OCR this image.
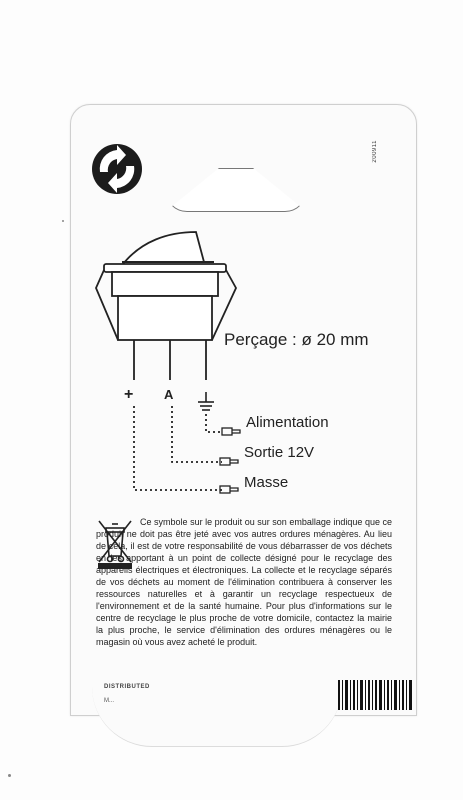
200911
Perçage : ø 20 mm
+ A
Alimentation
Sortie 12V
Masse

Ce symbole sur le produit ou sur son emballage indique que ce produit ne doit pas être jeté avec vos autres ordures ménagères. Au lieu de cela, il est de votre responsabilité de vous débarrasser de vos déchets en les apportant à un point de collecte désigné pour le recyclage des appareils électriques et électroniques. La collecte et le recyclage séparés de vos déchets au moment de l'élimination contribuera à conserver les ressources naturelles et à garantir un recyclage respectueux de l'environnement et de la santé humaine. Pour plus d'informations sur le centre de recyclage le plus proche de votre domicile, contactez la mairie la plus proche, le service d'élimination des ordures ménagères ou le magasin où vous avez acheté le produit.

DISTRIBUTED
M...
